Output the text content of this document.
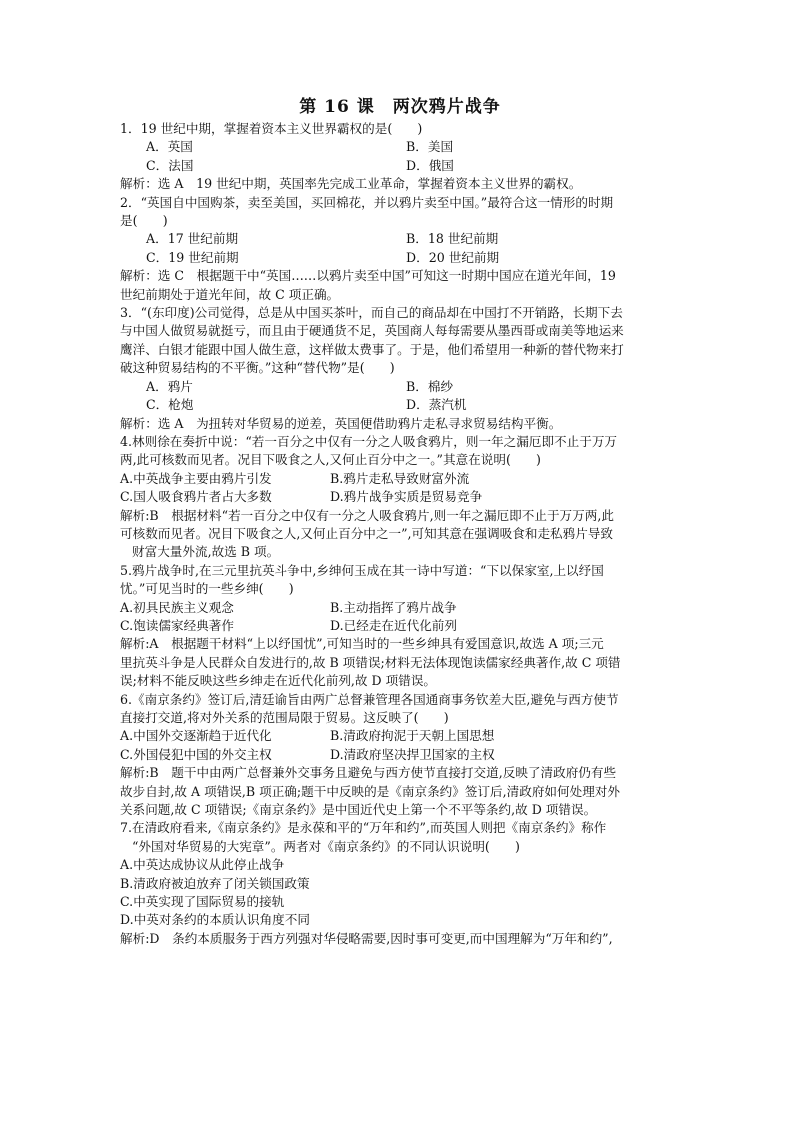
第 16 课　两次鸦片战争
1．19 世纪中期，掌握着资本主义世界霸权的是(　　)
A．英国	B．美国
C．法国	D．俄国
解析：选 A　19 世纪中期，英国率先完成工业革命，掌握着资本主义世界的霸权。
2．“英国自中国购茶，卖至美国，买回棉花，并以鸦片卖至中国。”最符合这一情形的时期
是(　　)
A．17 世纪前期	B．18 世纪前期
C．19 世纪前期	D．20 世纪前期
解析：选 C　根据题干中“英国……以鸦片卖至中国”可知这一时期中国应在道光年间，19
世纪前期处于道光年间，故 C 项正确。
3．“(东印度)公司觉得，总是从中国买茶叶，而自己的商品却在中国打不开销路，长期下去
与中国人做贸易就挺亏，而且由于硬通货不足，英国商人每每需要从墨西哥或南美等地运来
鹰洋、白银才能跟中国人做生意，这样做太费事了。于是，他们希望用一种新的替代物来打
破这种贸易结构的不平衡。”这种“替代物”是(　　)
A．鸦片	B．棉纱
C．枪炮	D．蒸汽机
解析：选 A　为扭转对华贸易的逆差，英国便借助鸦片走私寻求贸易结构平衡。
4.林则徐在奏折中说：“若一百分之中仅有一分之人吸食鸦片，则一年之漏厄即不止于万万
两,此可核数而见者。况目下吸食之人,又何止百分中之一。”其意在说明(　　)
A.中英战争主要由鸦片引发	B.鸦片走私导致财富外流
C.国人吸食鸦片者占大多数	D.鸦片战争实质是贸易竞争
解析:B　根据材料“若一百分之中仅有一分之人吸食鸦片,则一年之漏厄即不止于万万两,此
可核数而见者。况目下吸食之人,又何止百分中之一”,可知其意在强调吸食和走私鸦片导致
财富大量外流,故选 B 项。
5.鸦片战争时,在三元里抗英斗争中,乡绅何玉成在其一诗中写道：“下以保家室,上以纾国
忧。”可见当时的一些乡绅(　　)
A.初具民族主义观念	B.主动指挥了鸦片战争
C.饱读儒家经典著作	D.已经走在近代化前列
解析:A　根据题干材料“上以纾国忧”,可知当时的一些乡绅具有爱国意识,故选 A 项;三元
里抗英斗争是人民群众自发进行的,故 B 项错误;材料无法体现饱读儒家经典著作,故 C 项错
误;材料不能反映这些乡绅走在近代化前列,故 D 项错误。
6.《南京条约》签订后,清廷谕旨由两广总督兼管理各国通商事务钦差大臣,避免与西方使节
直接打交道,将对外关系的范围局限于贸易。这反映了(　　)
A.中国外交逐渐趋于近代化	B.清政府拘泥于天朝上国思想
C.外国侵犯中国的外交主权	D.清政府坚决捍卫国家的主权
解析:B　题干中由两广总督兼外交事务且避免与西方使节直接打交道,反映了清政府仍有些
故步自封,故 A 项错误,B 项正确;题干中反映的是《南京条约》签订后,清政府如何处理对外
关系问题,故 C 项错误;《南京条约》是中国近代史上第一个不平等条约,故 D 项错误。
7.在清政府看来,《南京条约》是永葆和平的“万年和约”,而英国人则把《南京条约》称作
“外国对华贸易的大宪章”。两者对《南京条约》的不同认识说明(　　)
A.中英达成协议从此停止战争
B.清政府被迫放弃了闭关锁国政策
C.中英实现了国际贸易的接轨
D.中英对条约的本质认识角度不同
解析:D　条约本质服务于西方列强对华侵略需要,因时事可变更,而中国理解为“万年和约”,
